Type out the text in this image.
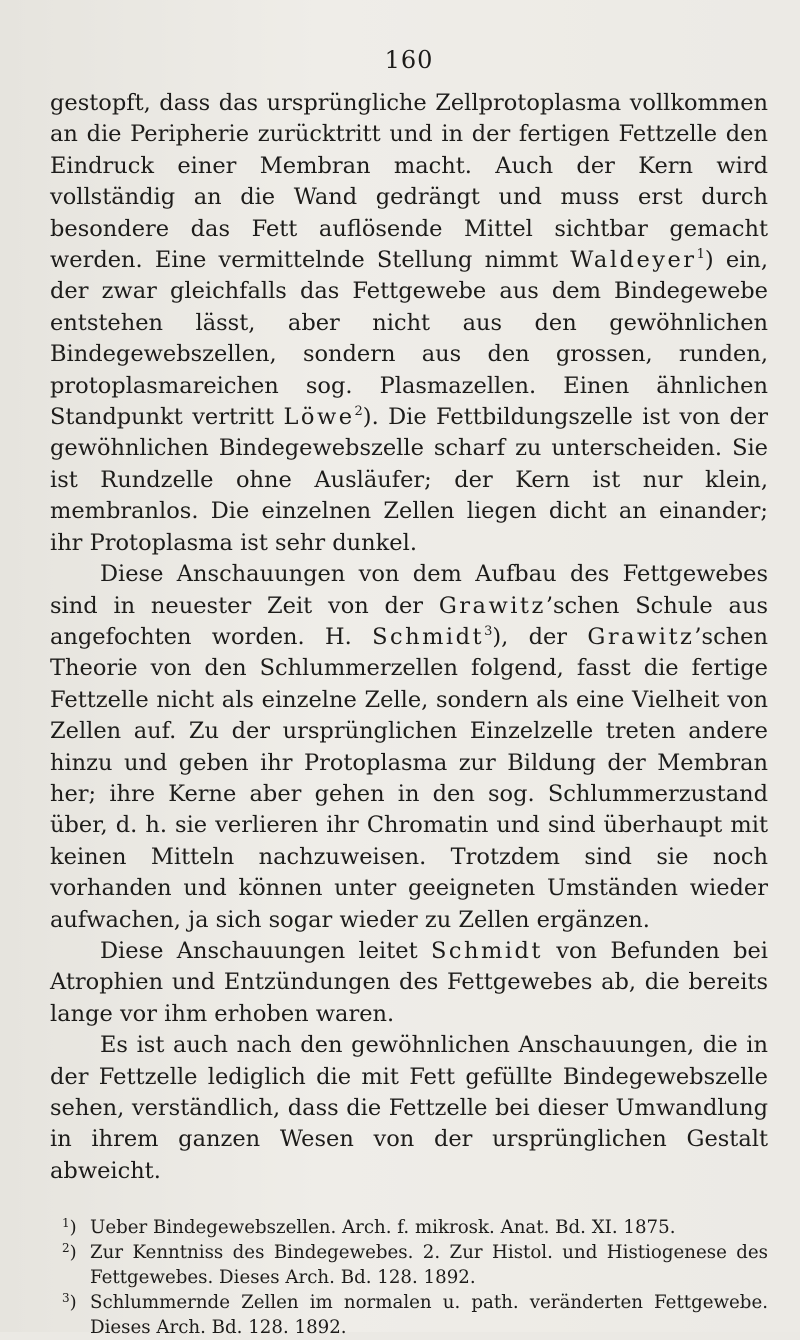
160

gestopft, dass das ursprüngliche Zellprotoplasma vollkommen an die Peripherie zurücktritt und in der fertigen Fettzelle den Eindruck einer Membran macht. Auch der Kern wird vollständig an die Wand gedrängt und muss erst durch besondere das Fett auflösende Mittel sichtbar gemacht werden. Eine vermittelnde Stellung nimmt Waldeyer$^1$) ein, der zwar gleichfalls das Fettgewebe aus dem Bindegewebe entstehen lässt, aber nicht aus den gewöhnlichen Bindegewebszellen, sondern aus den grossen, runden, protoplasmareichen sog. Plasmazellen. Einen ähnlichen Standpunkt vertritt Löwe$^2$). Die Fettbildungszelle ist von der gewöhnlichen Bindegewebszelle scharf zu unterscheiden. Sie ist Rundzelle ohne Ausläufer; der Kern ist nur klein, membranlos. Die einzelnen Zellen liegen dicht an einander; ihr Protoplasma ist sehr dunkel.

Diese Anschauungen von dem Aufbau des Fettgewebes sind in neuester Zeit von der Grawitz’schen Schule aus angefochten worden. H. Schmidt$^3$), der Grawitz’schen Theorie von den Schlummerzellen folgend, fasst die fertige Fettzelle nicht als einzelne Zelle, sondern als eine Vielheit von Zellen auf. Zu der ursprünglichen Einzelzelle treten andere hinzu und geben ihr Protoplasma zur Bildung der Membran her; ihre Kerne aber gehen in den sog. Schlummerzustand über, d. h. sie verlieren ihr Chromatin und sind überhaupt mit keinen Mitteln nachzuweisen. Trotzdem sind sie noch vorhanden und können unter geeigneten Umständen wieder aufwachen, ja sich sogar wieder zu Zellen ergänzen.

Diese Anschauungen leitet Schmidt von Befunden bei Atrophien und Entzündungen des Fettgewebes ab, die bereits lange vor ihm erhoben waren.

Es ist auch nach den gewöhnlichen Anschauungen, die in der Fettzelle lediglich die mit Fett gefüllte Bindegewebszelle sehen, verständlich, dass die Fettzelle bei dieser Umwandlung in ihrem ganzen Wesen von der ursprünglichen Gestalt abweicht.

$^1$) Ueber Bindegewebszellen. Arch. f. mikrosk. Anat. Bd. XI. 1875.
$^2$) Zur Kenntniss des Bindegewebes. 2. Zur Histol. und Histiogenese des Fettgewebes. Dieses Arch. Bd. 128. 1892.
$^3$) Schlummernde Zellen im normalen u. path. veränderten Fettgewebe. Dieses Arch. Bd. 128. 1892.
